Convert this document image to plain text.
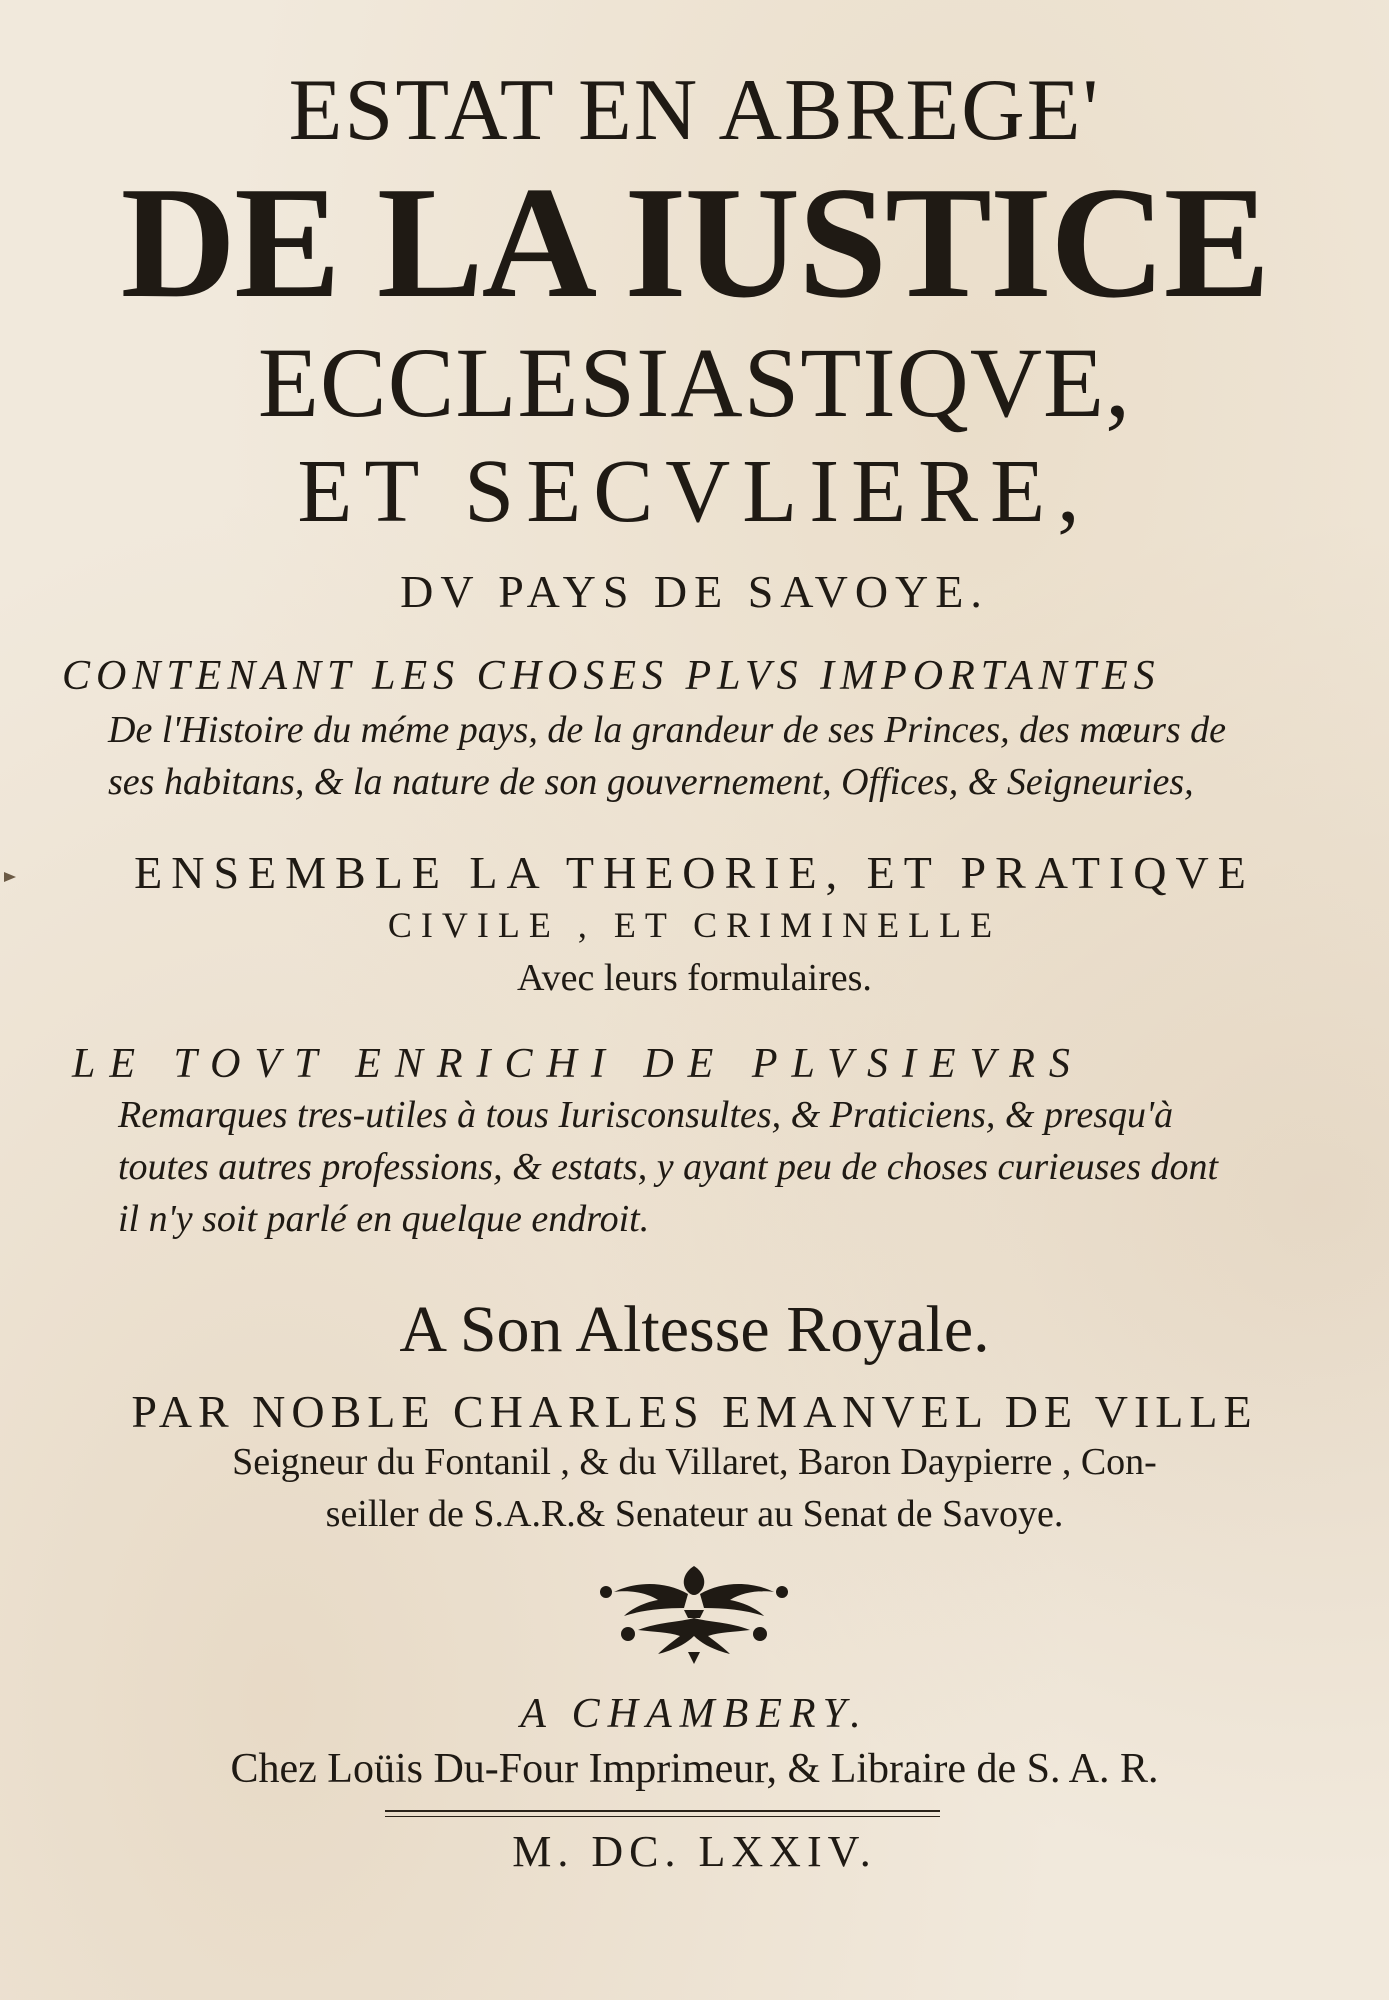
ESTAT EN ABREGE'
DE LA IUSTICE
ECCLESIASTIQVE,
ET SECVLIERE,
DV PAYS DE SAVOYE.
CONTENANT LES CHOSES PLVS IMPORTANTES
De l'Histoire du méme pays, de la grandeur de ses Princes, des mœurs de
ses habitans, & la nature de son gouvernement, Offices, & Seigneuries,
ENSEMBLE LA THEORIE, ET PRATIQVE
CIVILE , ET CRIMINELLE
Avec leurs formulaires.
LE TOVT ENRICHI DE PLVSIEVRS
Remarques tres-utiles à tous Iurisconsultes, & Praticiens, & presqu'à
toutes autres professions, & estats, y ayant peu de choses curieuses dont
il n'y soit parlé en quelque endroit.
A Son Altesse Royale.
PAR NOBLE CHARLES EMANVEL DE VILLE
Seigneur du Fontanil , & du Villaret, Baron Daypierre , Con-
seiller de S.A.R.& Senateur au Senat de Savoye.
A CHAMBERY.
Chez Loüis Du-Four Imprimeur, & Libraire de S. A. R.
M. DC. LXXIV.
